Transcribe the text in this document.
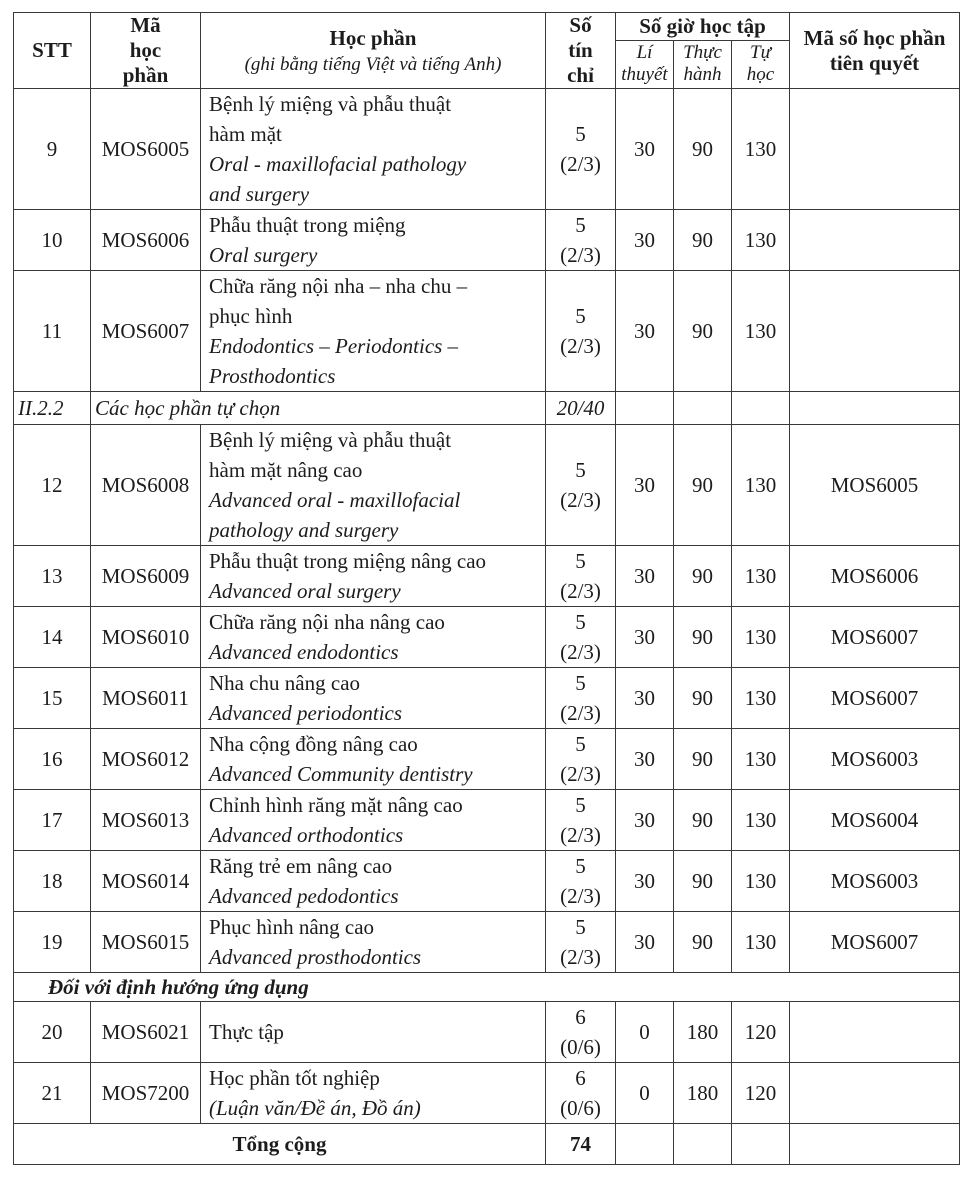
STT	Mã
học
phần	Học phần
(ghi bằng tiếng Việt và tiếng Anh)	Số
tín
chỉ	Số giờ học tập			Mã số học phần tiên quyết
				Lí thuyết	Thực hành	Tự học	
9	MOS6005	Bệnh lý miệng và phẫu thuật
hàm mặt
Oral - maxillofacial pathology
and surgery	5
(2/3)	30	90	130	
10	MOS6006	Phẫu thuật trong miệng
Oral surgery	5
(2/3)	30	90	130	
11	MOS6007	Chữa răng nội nha – nha chu –
phục hình
Endodontics – Periodontics –
Prosthodontics	5
(2/3)	30	90	130	
II.2.2	Các học phần tự chọn		20/40				
12	MOS6008	Bệnh lý miệng và phẫu thuật
hàm mặt nâng cao
Advanced oral - maxillofacial
pathology and surgery	5
(2/3)	30	90	130	MOS6005
13	MOS6009	Phẫu thuật trong miệng nâng cao
Advanced oral surgery	5
(2/3)	30	90	130	MOS6006
14	MOS6010	Chữa răng nội nha nâng cao
Advanced endodontics	5
(2/3)	30	90	130	MOS6007
15	MOS6011	Nha chu nâng cao
Advanced periodontics	5
(2/3)	30	90	130	MOS6007
16	MOS6012	Nha cộng đồng nâng cao
Advanced Community dentistry	5
(2/3)	30	90	130	MOS6003
17	MOS6013	Chỉnh hình răng mặt nâng cao
Advanced orthodontics	5
(2/3)	30	90	130	MOS6004
18	MOS6014	Răng trẻ em nâng cao
Advanced pedodontics	5
(2/3)	30	90	130	MOS6003
19	MOS6015	Phục hình nâng cao
Advanced prosthodontics	5
(2/3)	30	90	130	MOS6007
Đối với định hướng ứng dụng							
20	MOS6021	Thực tập	6
(0/6)	0	180	120	
21	MOS7200	Học phần tốt nghiệp
(Luận văn/Đề án, Đồ án)	6
(0/6)	0	180	120	
Tổng cộng			74				
